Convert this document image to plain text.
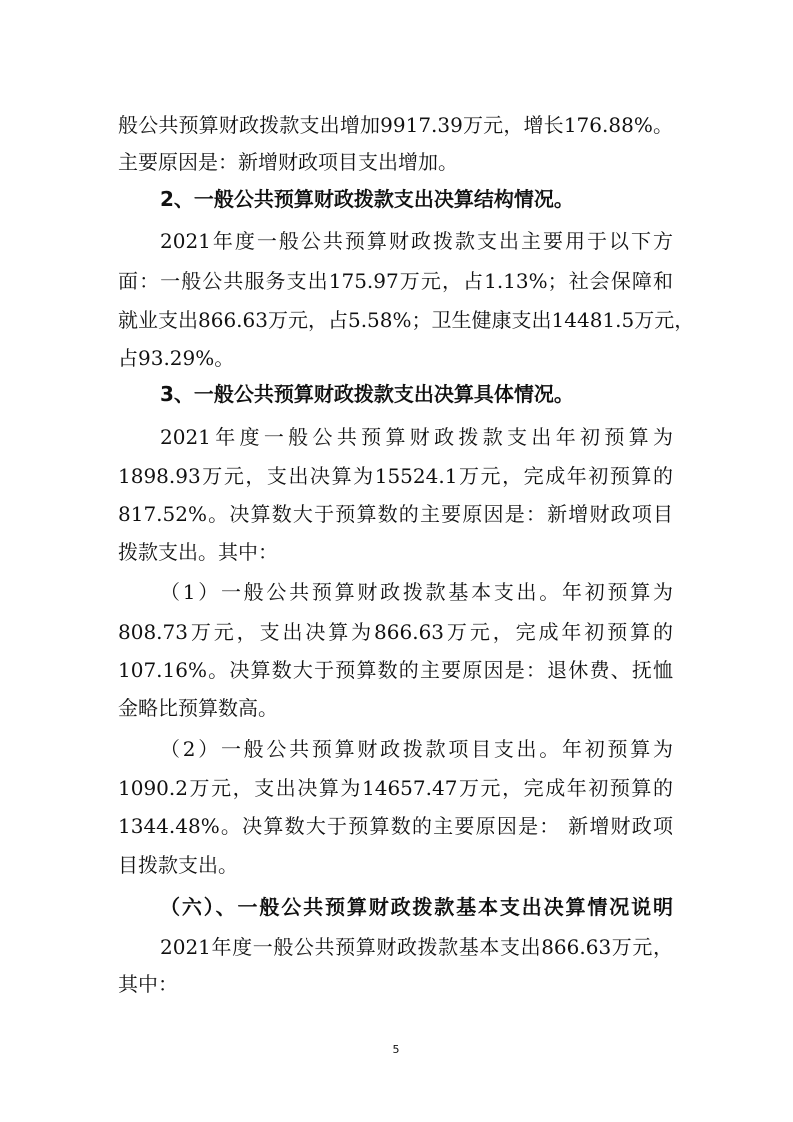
般公共预算财政拨款支出增加9917.39万元，增长176.88%。
主要原因是：新增财政项目支出增加。
2、一般公共预算财政拨款支出决算结构情况。
2021年度一般公共预算财政拨款支出主要用于以下方
面：一般公共服务支出175.97万元，占1.13%；社会保障和
就业支出866.63万元，占5.58%；卫生健康支出14481.5万元，
占93.29%。
3、一般公共预算财政拨款支出决算具体情况。
2021年度一般公共预算财政拨款支出年初预算为
1898.93万元，支出决算为15524.1万元，完成年初预算的
817.52%。决算数大于预算数的主要原因是：新增财政项目
拨款支出。其中：
（1）一般公共预算财政拨款基本支出。年初预算为
808.73万元，支出决算为866.63万元，完成年初预算的
107.16%。决算数大于预算数的主要原因是：退休费、抚恤
金略比预算数高。
（2）一般公共预算财政拨款项目支出。年初预算为
1090.2万元，支出决算为14657.47万元，完成年初预算的
1344.48%。决算数大于预算数的主要原因是： 新增财政项
目拨款支出。
（六）、一般公共预算财政拨款基本支出决算情况说明
2021年度一般公共预算财政拨款基本支出866.63万元，
其中：
5
